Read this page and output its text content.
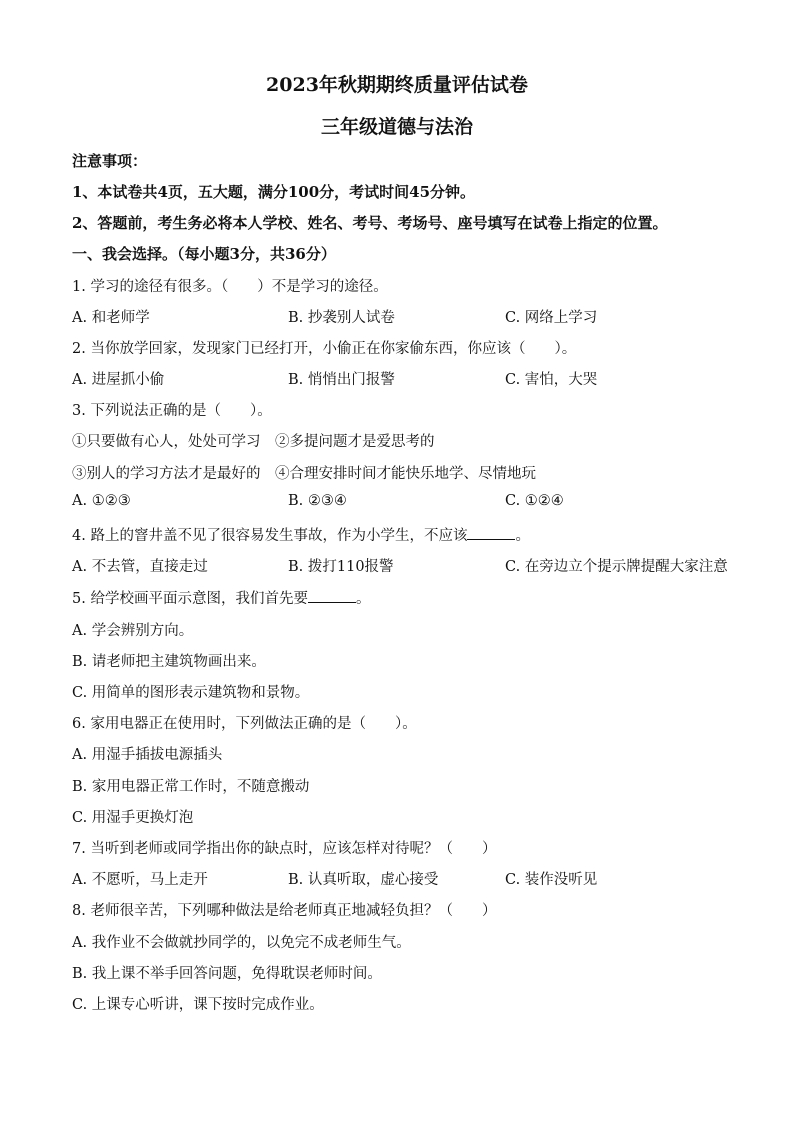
2023年秋期期终质量评估试卷
三年级道德与法治
注意事项：
1、本试卷共4页，五大题，满分100分，考试时间45分钟。
2、答题前，考生务必将本人学校、姓名、考号、考场号、座号填写在试卷上指定的位置。
一、我会选择。（每小题3分，共36分）
1. 学习的途径有很多。（　　）不是学习的途径。
A. 和老师学	B. 抄袭别人试卷	C. 网络上学习
2. 当你放学回家，发现家门已经打开，小偷正在你家偷东西，你应该（　　）。
A. 进屋抓小偷	B. 悄悄出门报警	C. 害怕，大哭
3. 下列说法正确的是（　　）。
①只要做有心人，处处可学习　②多提问题才是爱思考的
③别人的学习方法才是最好的　④合理安排时间才能快乐地学、尽情地玩
A. ①②③	B. ②③④	C. ①②④
4. 路上的窨井盖不见了很容易发生事故，作为小学生，不应该	。
A. 不去管，直接走过	B. 拨打110报警	C. 在旁边立个提示牌提醒大家注意
5. 给学校画平面示意图，我们首先要	。
A. 学会辨别方向。
B. 请老师把主建筑物画出来。
C. 用简单的图形表示建筑物和景物。
6. 家用电器正在使用时，下列做法正确的是（　　）。
A. 用湿手插拔电源插头
B. 家用电器正常工作时，不随意搬动
C. 用湿手更换灯泡
7. 当听到老师或同学指出你的缺点时，应该怎样对待呢？（　　）
A. 不愿听，马上走开	B. 认真听取，虚心接受	C. 装作没听见
8. 老师很辛苦，下列哪种做法是给老师真正地减轻负担？（　　）
A. 我作业不会做就抄同学的，以免完不成老师生气。
B. 我上课不举手回答问题，免得耽误老师时间。
C. 上课专心听讲，课下按时完成作业。
